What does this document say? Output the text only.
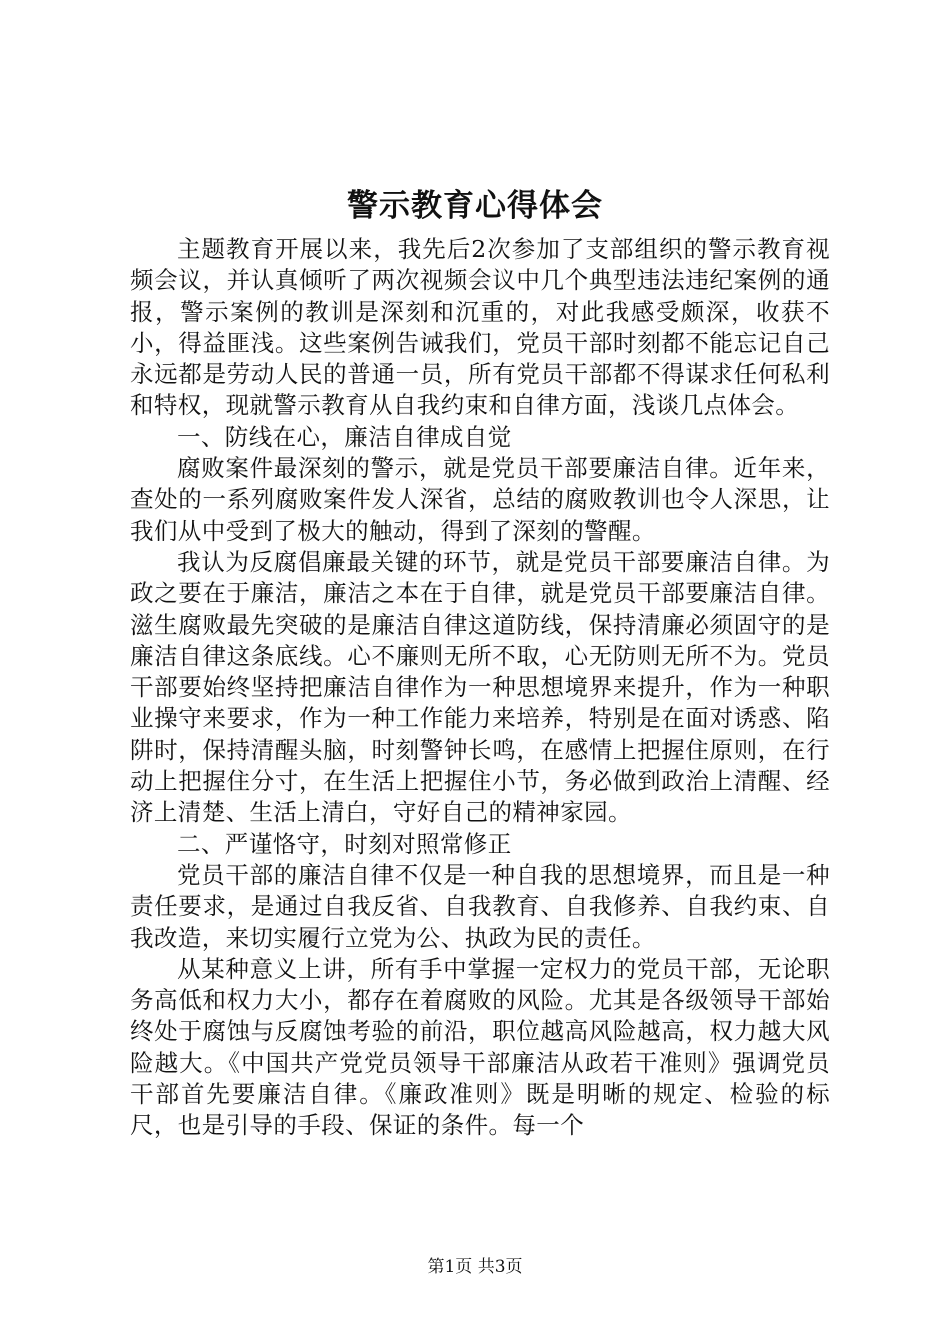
警示教育心得体会

主题教育开展以来，我先后2次参加了支部组织的警示教育视频会议，并认真倾听了两次视频会议中几个典型违法违纪案例的通报，警示案例的教训是深刻和沉重的，对此我感受颇深，收获不小，得益匪浅。这些案例告诫我们，党员干部时刻都不能忘记自己永远都是劳动人民的普通一员，所有党员干部都不得谋求任何私利和特权，现就警示教育从自我约束和自律方面，浅谈几点体会。

一、防线在心，廉洁自律成自觉

腐败案件最深刻的警示，就是党员干部要廉洁自律。近年来，查处的一系列腐败案件发人深省，总结的腐败教训也令人深思，让我们从中受到了极大的触动，得到了深刻的警醒。

我认为反腐倡廉最关键的环节，就是党员干部要廉洁自律。为政之要在于廉洁，廉洁之本在于自律，就是党员干部要廉洁自律。滋生腐败最先突破的是廉洁自律这道防线，保持清廉必须固守的是廉洁自律这条底线。心不廉则无所不取，心无防则无所不为。党员干部要始终坚持把廉洁自律作为一种思想境界来提升，作为一种职业操守来要求，作为一种工作能力来培养，特别是在面对诱惑、陷阱时，保持清醒头脑，时刻警钟长鸣，在感情上把握住原则，在行动上把握住分寸，在生活上把握住小节，务必做到政治上清醒、经济上清楚、生活上清白，守好自己的精神家园。

二、严谨恪守，时刻对照常修正

党员干部的廉洁自律不仅是一种自我的思想境界，而且是一种责任要求，是通过自我反省、自我教育、自我修养、自我约束、自我改造，来切实履行立党为公、执政为民的责任。

从某种意义上讲，所有手中掌握一定权力的党员干部，无论职务高低和权力大小，都存在着腐败的风险。尤其是各级领导干部始终处于腐蚀与反腐蚀考验的前沿，职位越高风险越高，权力越大风险越大。《中国共产党党员领导干部廉洁从政若干准则》强调党员干部首先要廉洁自律。《廉政准则》既是明晰的规定、检验的标尺，也是引导的手段、保证的条件。每一个

第1页 共3页
